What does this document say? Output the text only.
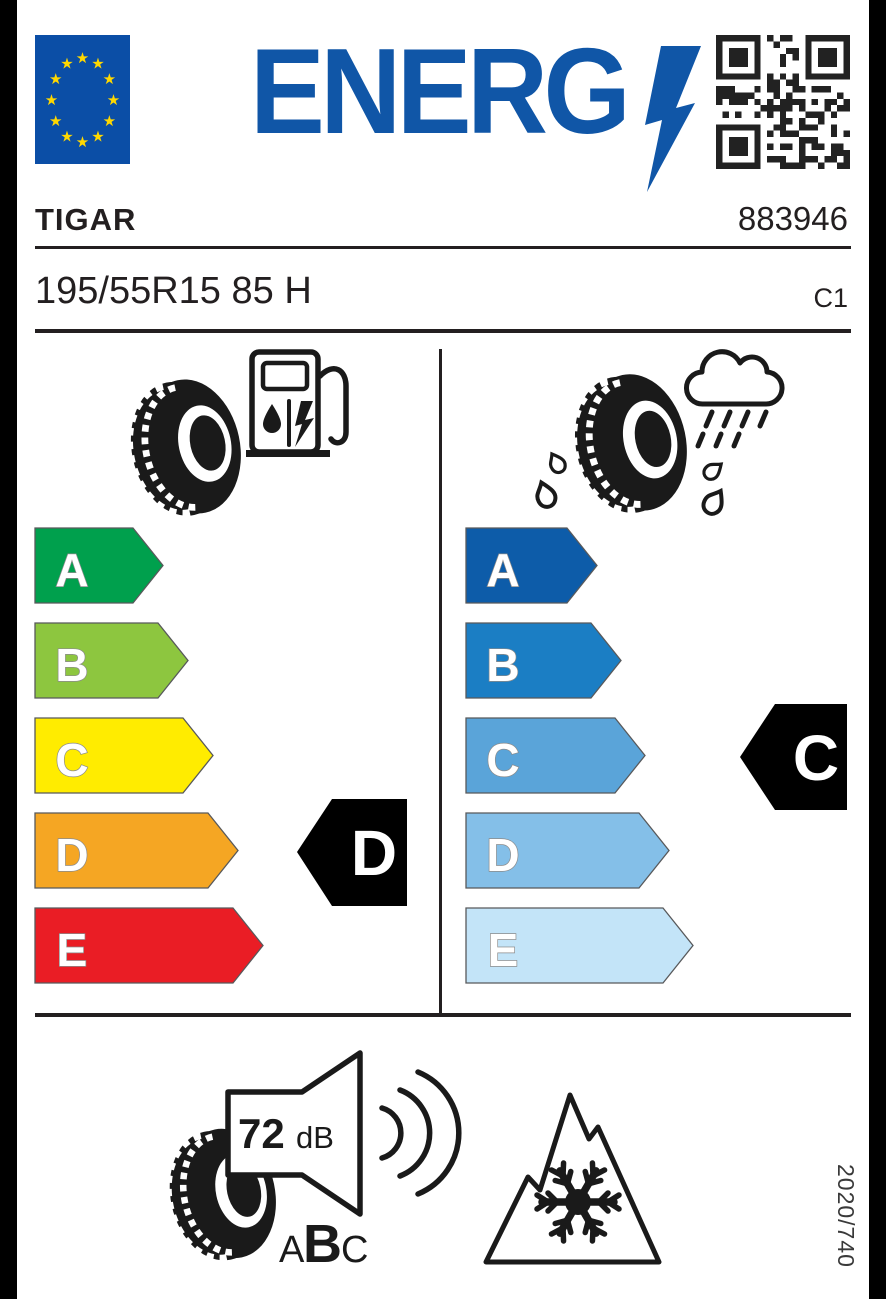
★ ★
★
★
★
★
★
★
★
★
★
★ ENERG
TIGAR	883946
195/55R15 85 H	C1
A
B
C
D
E
D
A
B
C
D
E
C
72 dB
A
B C	2020/740
